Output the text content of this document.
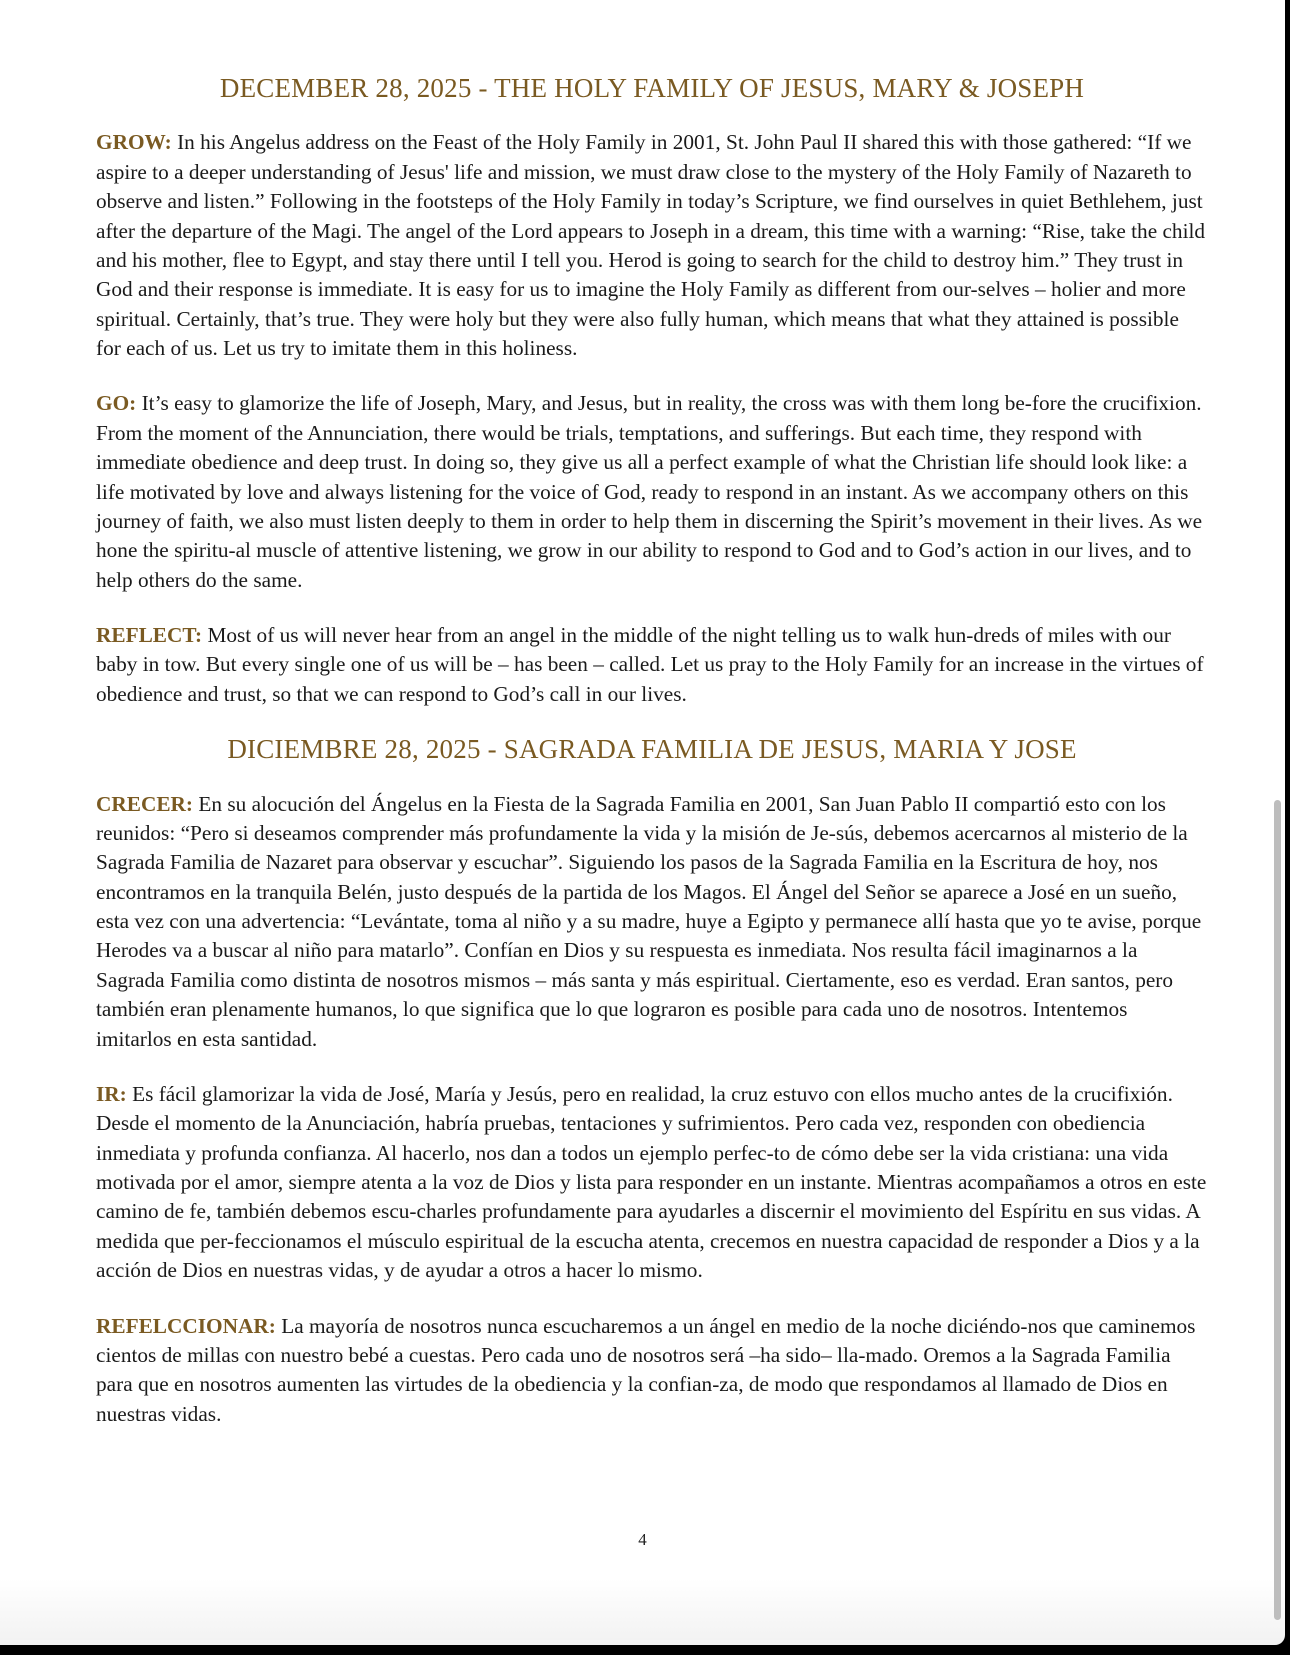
DECEMBER 28, 2025 - THE HOLY FAMILY OF JESUS, MARY & JOSEPH

GROW: In his Angelus address on the Feast of the Holy Family in 2001, St. John Paul II shared this with those gathered: “If we aspire to a deeper understanding of Jesus' life and mission, we must draw close to the mystery of the Holy Family of Nazareth to observe and listen.” Following in the footsteps of the Holy Family in today’s Scripture, we find ourselves in quiet Bethlehem, just after the departure of the Magi. The angel of the Lord appears to Joseph in a dream, this time with a warning: “Rise, take the child and his mother, flee to Egypt, and stay there until I tell you. Herod is going to search for the child to destroy him.” They trust in God and their response is immediate. It is easy for us to imagine the Holy Family as different from our-selves – holier and more spiritual. Certainly, that’s true. They were holy but they were also fully human, which means that what they attained is possible for each of us. Let us try to imitate them in this holiness.

GO: It’s easy to glamorize the life of Joseph, Mary, and Jesus, but in reality, the cross was with them long be-fore the crucifixion. From the moment of the Annunciation, there would be trials, temptations, and sufferings. But each time, they respond with immediate obedience and deep trust. In doing so, they give us all a perfect example of what the Christian life should look like: a life motivated by love and always listening for the voice of God, ready to respond in an instant. As we accompany others on this journey of faith, we also must listen deeply to them in order to help them in discerning the Spirit’s movement in their lives. As we hone the spiritu-al muscle of attentive listening, we grow in our ability to respond to God and to God’s action in our lives, and to help others do the same.

REFLECT: Most of us will never hear from an angel in the middle of the night telling us to walk hun-dreds of miles with our baby in tow. But every single one of us will be – has been – called. Let us pray to the Holy Family for an increase in the virtues of obedience and trust, so that we can respond to God’s call in our lives.

DICIEMBRE 28, 2025 - SAGRADA FAMILIA DE JESUS, MARIA Y JOSE

CRECER: En su alocución del Ángelus en la Fiesta de la Sagrada Familia en 2001, San Juan Pablo II compartió esto con los reunidos: “Pero si deseamos comprender más profundamente la vida y la misión de Je-sús, debemos acercarnos al misterio de la Sagrada Familia de Nazaret para observar y escuchar”. Siguiendo los pasos de la Sagrada Familia en la Escritura de hoy, nos encontramos en la tranquila Belén, justo después de la partida de los Magos. El Ángel del Señor se aparece a José en un sueño, esta vez con una advertencia: “Levántate, toma al niño y a su madre, huye a Egipto y permanece allí hasta que yo te avise, porque Herodes va a buscar al niño para matarlo”. Confían en Dios y su respuesta es inmediata. Nos resulta fácil imaginarnos a la Sagrada Familia como distinta de nosotros mismos – más santa y más espiritual. Ciertamente, eso es verdad. Eran santos, pero también eran plenamente humanos, lo que significa que lo que lograron es posible para cada uno de nosotros. Intentemos imitarlos en esta santidad.

IR: Es fácil glamorizar la vida de José, María y Jesús, pero en realidad, la cruz estuvo con ellos mucho antes de la crucifixión. Desde el momento de la Anunciación, habría pruebas, tentaciones y sufrimientos. Pero cada vez, responden con obediencia inmediata y profunda confianza. Al hacerlo, nos dan a todos un ejemplo perfec-to de cómo debe ser la vida cristiana: una vida motivada por el amor, siempre atenta a la voz de Dios y lista para responder en un instante. Mientras acompañamos a otros en este camino de fe, también debemos escu-charles profundamente para ayudarles a discernir el movimiento del Espíritu en sus vidas. A medida que per-feccionamos el músculo espiritual de la escucha atenta, crecemos en nuestra capacidad de responder a Dios y a la acción de Dios en nuestras vidas, y de ayudar a otros a hacer lo mismo.

REFELCCIONAR: La mayoría de nosotros nunca escucharemos a un ángel en medio de la noche diciéndo-nos que caminemos cientos de millas con nuestro bebé a cuestas. Pero cada uno de nosotros será –ha sido– lla-mado. Oremos a la Sagrada Familia para que en nosotros aumenten las virtudes de la obediencia y la confian-za, de modo que respondamos al llamado de Dios en nuestras vidas.

4
